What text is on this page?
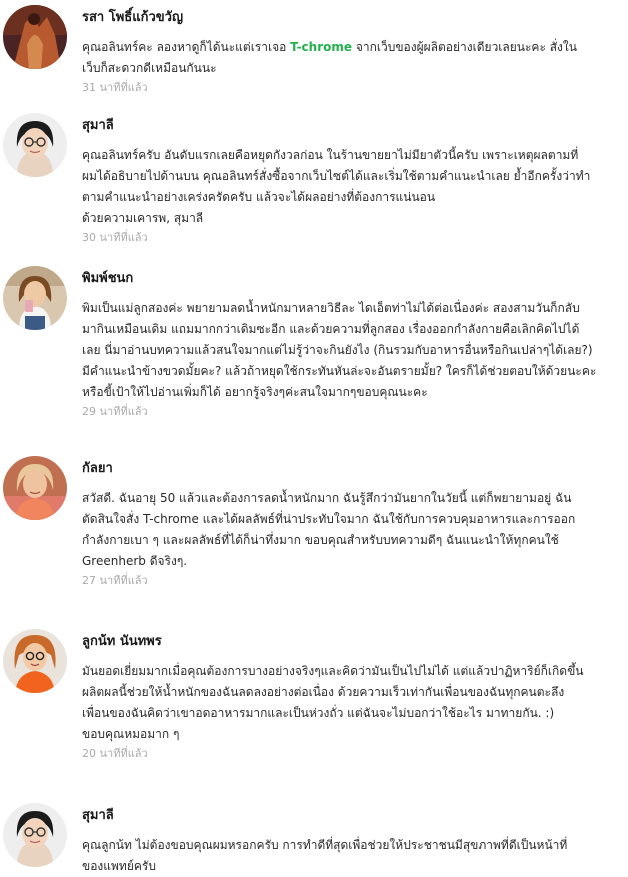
รสา โพธิ์แก้วขวัญ

คุณอลินทร์คะ ลองหาดูก็ได้นะแต่เราเจอ T-chrome จากเว็บของผู้ผลิตอย่างเดียวเลยนะคะ สั่งใน
เว็บก็สะดวกดีเหมือนกันนะ

31 นาทีที่แล้ว
สุมาลี

คุณอลินทร์ครับ อันดับแรกเลยคือหยุดกังวลก่อน ในร้านขายยาไม่มียาตัวนี้ครับ เพราะเหตุผลตามที่
ผมได้อธิบายไปด้านบน คุณอลินทร์สั่งซื้อจากเว็บไซต์ได้และเริ่มใช้ตามคำแนะนำเลย ย้ำอีกครั้งว่าทำ
ตามคำแนะนำอย่างเคร่งครัดครับ แล้วจะได้ผลอย่างที่ต้องการแน่นอน
ด้วยความเคารพ, สุมาลี

30 นาทีที่แล้ว
พิมพ์ชนก

พิมเป็นแม่ลูกสองค่ะ พยายามลดน้ำหนักมาหลายวิธีละ ไดเอ็ตท่าไม่ได้ต่อเนื่องค่ะ สองสามวันก็กลับ
มากินเหมือนเดิม แถมมากกว่าเดิมซะอีก และด้วยความที่ลูกสอง เรื่องออกกำลังกายคือเลิกคิดไปได้
เลย นี่มาอ่านบทความแล้วสนใจมากแต่ไม่รู้ว่าจะกินยังไง (กินรวมกับอาหารอื่นหรือกินเปล่าๆได้เลย?)
มีคำแนะนำข้างขวดมั้ยคะ? แล้วถ้าหยุดใช้กระทันหันล่ะจะอันตรายมั้ย? ใครก็ได้ช่วยตอบให้ด้วยนะคะ
หรือขี้เป้าให้ไปอ่านเพิ่มก็ได้ อยากรู้จริงๆค่ะสนใจมากๆขอบคุณนะคะ

29 นาทีที่แล้ว
กัลยา

สวัสดี. ฉันอายุ 50 แล้วและต้องการลดน้ำหนักมาก ฉันรู้สึกว่ามันยากในวัยนี้ แต่ก็พยายามอยู่ ฉัน
ตัดสินใจสั่ง T-chrome และได้ผลลัพธ์ที่น่าประทับใจมาก ฉันใช้กับการควบคุมอาหารและการออก
กำลังกายเบา ๆ และผลลัพธ์ที่ได้ก็น่าทึ่งมาก ขอบคุณสำหรับบทความดีๆ ฉันแนะนำให้ทุกคนใช้
Greenherb ดีจริงๆ.

27 นาทีที่แล้ว
ลูกน้ท นันทพร

มันยอดเยี่ยมมากเมื่อคุณต้องการบางอย่างจริงๆและคิดว่ามันเป็นไปไม่ได้ แต่แล้วปาฏิหาริย์ก็เกิดขึ้น
ผลิตผลนี้ช่วยให้น้ำหนักของฉันลดลงอย่างต่อเนื่อง ด้วยความเร็วเท่ากันเพื่อนของฉันทุกคนตะลึง
เพื่อนของฉันคิดว่าเขาอดอาหารมากและเป็นห่วงถั่ว แต่ฉันจะไม่บอกว่าใช้อะไร มาทายกัน. :)
ขอบคุณหมอมาก ๆ

20 นาทีที่แล้ว
สุมาลี

คุณลูกน้ท ไม่ต้องขอบคุณผมหรอกครับ การทำดีที่สุดเพื่อช่วยให้ประชาชนมีสุขภาพที่ดีเป็นหน้าที่
ของแพทย์ครับ
